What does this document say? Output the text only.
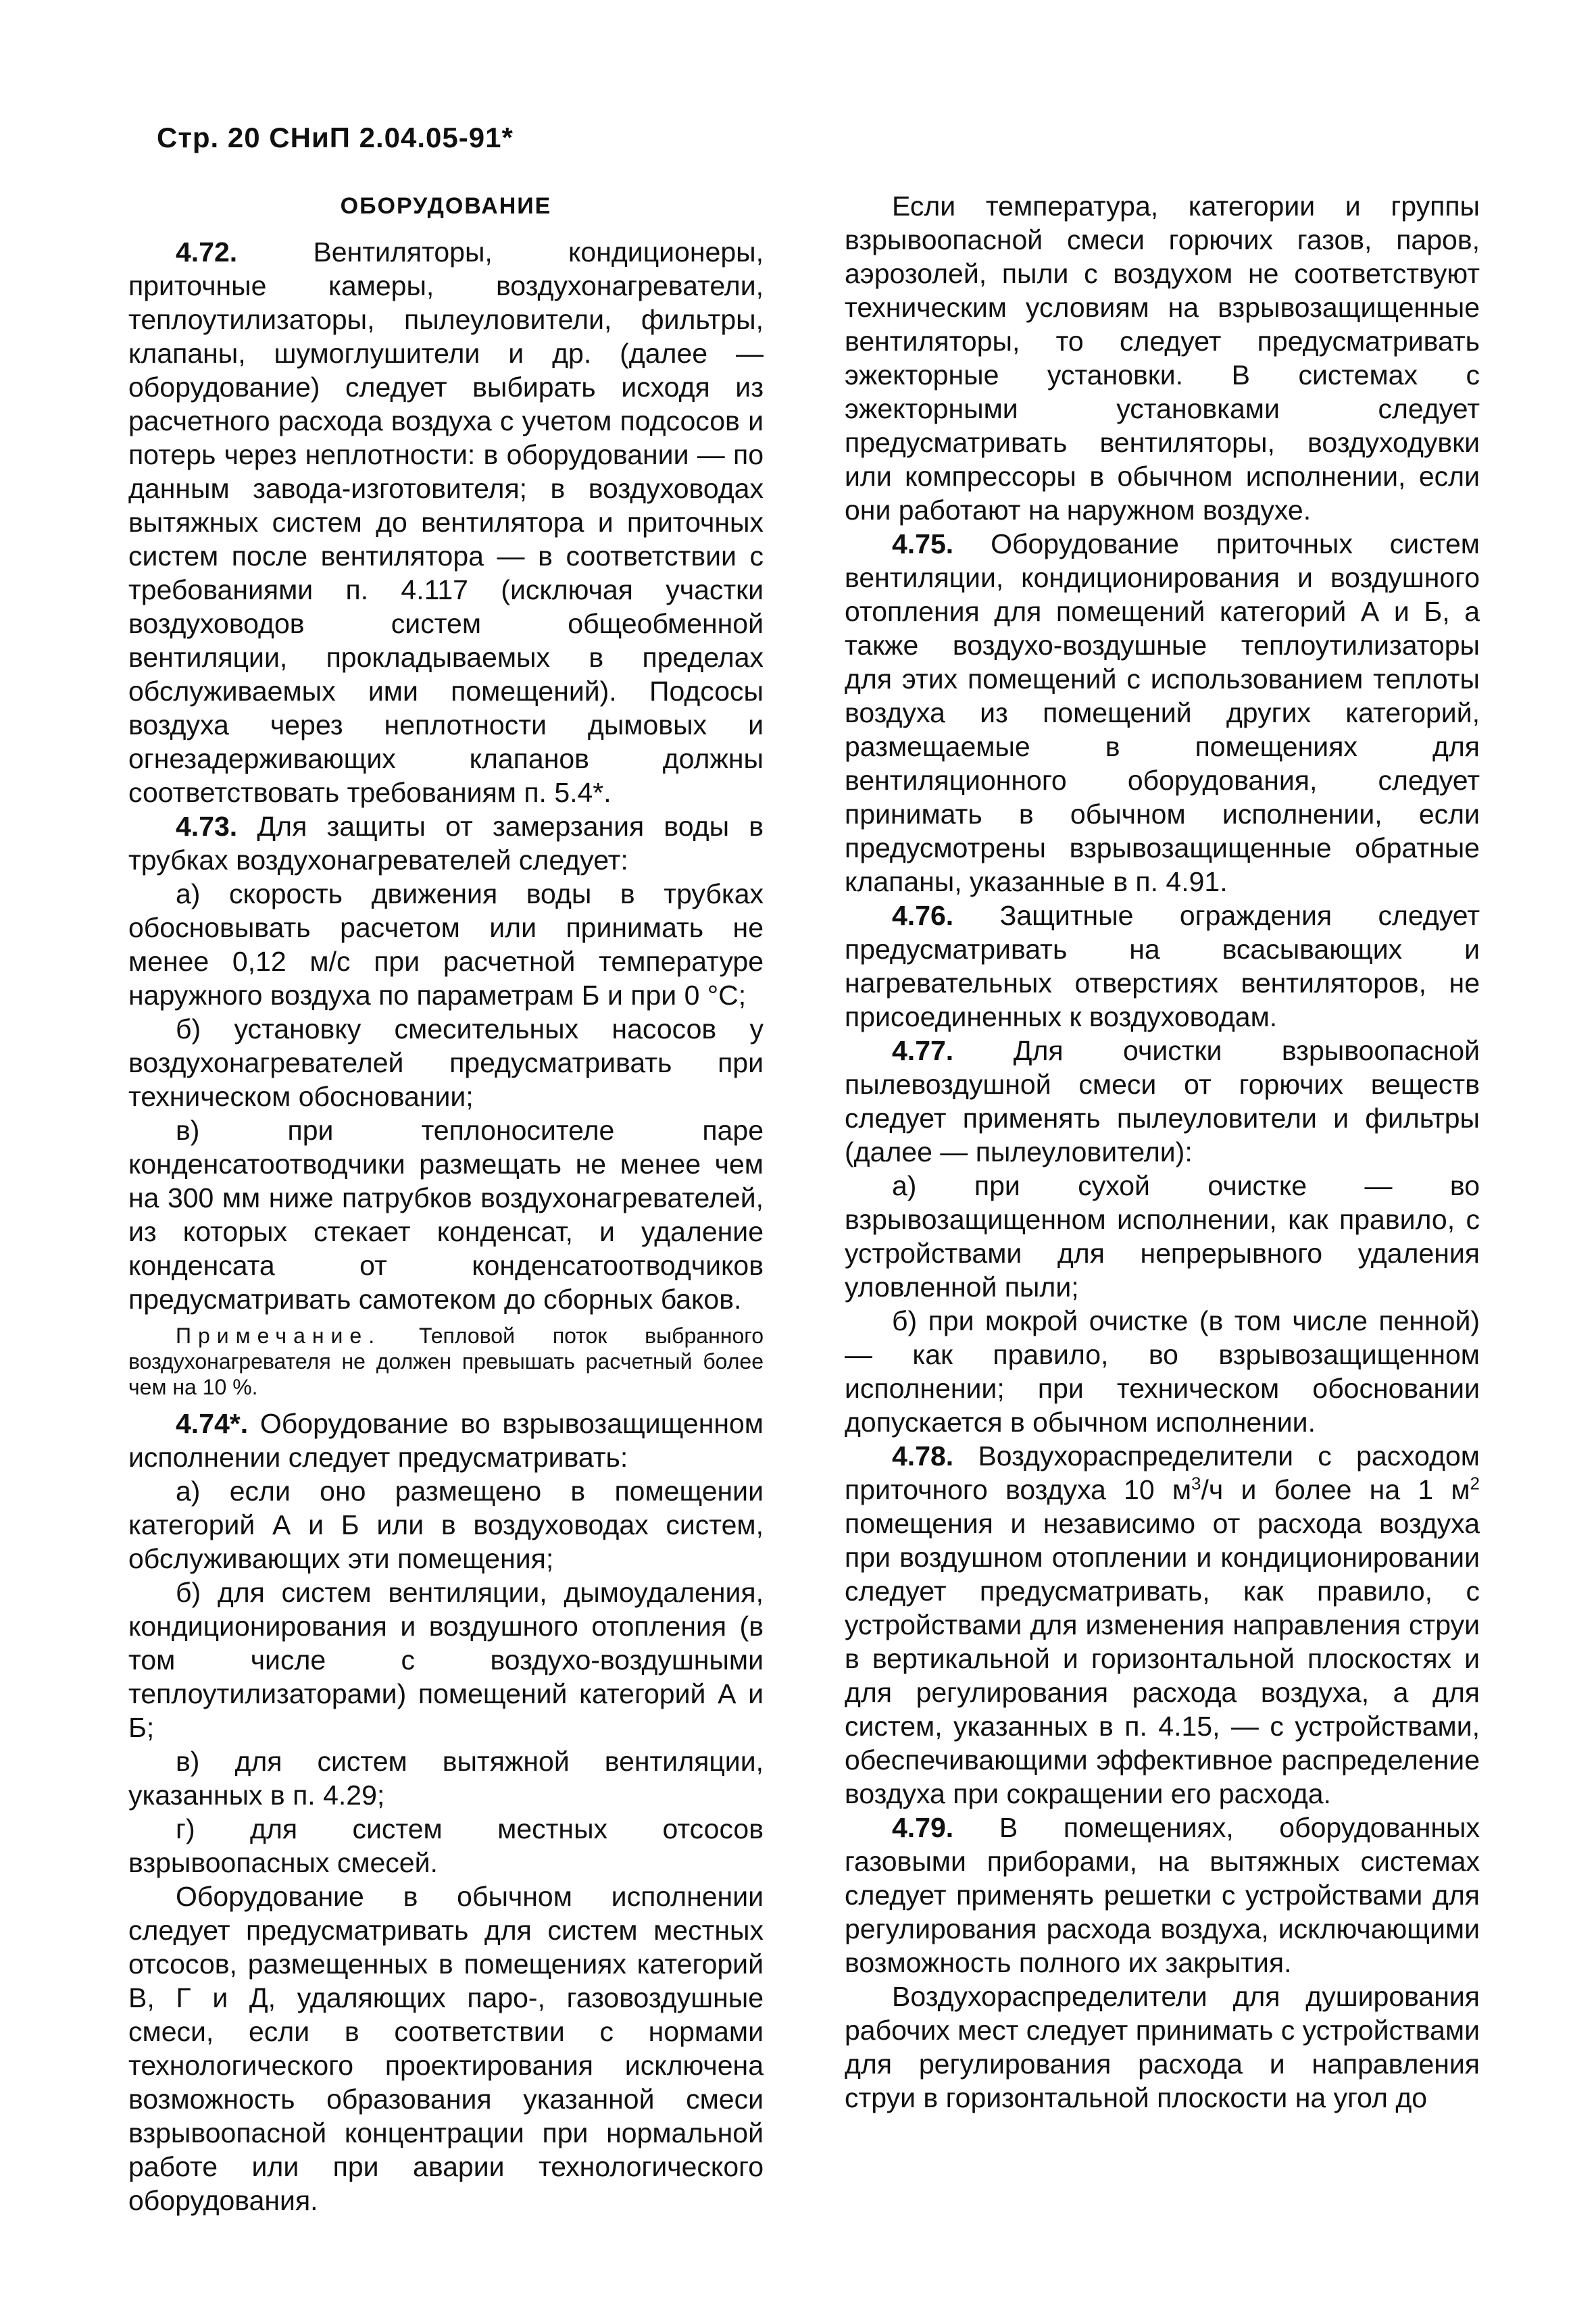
Стр. 20 СНиП 2.04.05-91*
ОБОРУДОВАНИЕ

4.72.	Вентиляторы, кондиционеры, приточные камеры, воздухонагреватели, теплоутилизаторы, пылеуловители, фильтры, клапаны, шумоглушители и др. (далее — оборудование) следует выбирать исходя из расчетного расхода воздуха с учетом подсосов и потерь через неплотности: в оборудовании — по данным завода-изготовителя; в воздуховодах вытяжных систем до вентилятора и приточных систем после вентилятора — в соответствии с требованиями п. 4.117 (исключая участки воздуховодов систем общеобменной вентиляции, прокладываемых в пределах обслуживаемых ими помещений). Подсосы воздуха через неплотности дымовых и огнезадерживающих клапанов должны соответствовать требованиям п. 5.4*.

4.73. Для защиты от замерзания воды в трубках воздухонагревателей следует:

а) скорость движения воды в трубках обосновывать расчетом или принимать не менее 0,12 м/с при расчетной температуре наружного воздуха по параметрам Б и при 0 °С;

б) установку смесительных насосов у воздухонагревателей предусматривать при техническом обосновании;

в) при теплоносителе паре конденсатоотводчики размещать не менее чем на 300 мм ниже патрубков воздухонагревателей, из которых стекает конденсат, и удаление конденсата от конденсатоотводчиков предусматривать самотеком до сборных баков.

Примечание. Тепловой поток выбранного воздухонагревателя не должен превышать расчетный более чем на 10 %.

4.74*. Оборудование во взрывозащищенном исполнении следует предусматривать:

а) если оно размещено в помещении категорий А и Б или в воздуховодах систем, обслуживающих эти помещения;

б) для систем вентиляции, дымоудаления, кондиционирования и воздушного отопления (в том числе с воздухо-воздушными теплоутилизаторами) помещений категорий А и Б;

в) для систем вытяжной вентиляции, указанных в п. 4.29;

г) для систем местных отсосов взрывоопасных смесей.

Оборудование в обычном исполнении следует предусматривать для систем местных отсосов, размещенных в помещениях категорий В, Г и Д, удаляющих паро-, газовоздушные смеси, если в соответствии с нормами технологического проектирования исключена возможность образования указанной смеси взрывоопасной концентрации при нормальной работе или при аварии технологического оборудования.

Если температура, категории и группы взрывоопасной смеси горючих газов, паров, аэрозолей, пыли с воздухом не соответствуют техническим условиям на взрывозащищенные вентиляторы, то следует предусматривать эжекторные установки. В системах с эжекторными установками следует предусматривать вентиляторы, воздуходувки или компрессоры в обычном исполнении, если они работают на наружном воздухе.

4.75. Оборудование приточных систем вентиляции, кондиционирования и воздушного отопления для помещений категорий А и Б, а также воздухо-воздушные теплоутилизаторы для этих помещений с использованием теплоты воздуха из помещений других категорий, размещаемые в помещениях для вентиляционного оборудования, следует принимать в обычном исполнении, если предусмотрены взрывозащищенные обратные клапаны, указанные в п. 4.91.

4.76. Защитные ограждения следует предусматривать на всасывающих и нагревательных отверстиях вентиляторов, не присоединенных к воздуховодам.

4.77. Для очистки взрывоопасной пылевоздушной смеси от горючих веществ следует применять пылеуловители и фильтры (далее — пылеуловители):

а) при сухой очистке — во взрывозащищенном исполнении, как правило, с устройствами для непрерывного удаления уловленной пыли;

б) при мокрой очистке (в том числе пенной) — как правило, во взрывозащищенном исполнении; при техническом обосновании допускается в обычном исполнении.

4.78. Воздухораспределители с расходом приточного воздуха 10 $м^3/ч$ и более на 1 $м^2$ помещения и независимо от расхода воздуха при воздушном отоплении и кондиционировании следует предусматривать, как правило, с устройствами для изменения направления струи в вертикальной и горизонтальной плоскостях и для регулирования расхода воздуха, а для систем, указанных в п. 4.15, — с устройствами, обеспечивающими эффективное распределение воздуха при сокращении его расхода.

4.79. В помещениях, оборудованных газовыми приборами, на вытяжных системах следует применять решетки с устройствами для регулирования расхода воздуха, исключающими возможность полного их закрытия.

Воздухораспределители для душирования рабочих мест следует принимать с устройствами для регулирования расхода и направления струи в горизонтальной плоскости на угол до
